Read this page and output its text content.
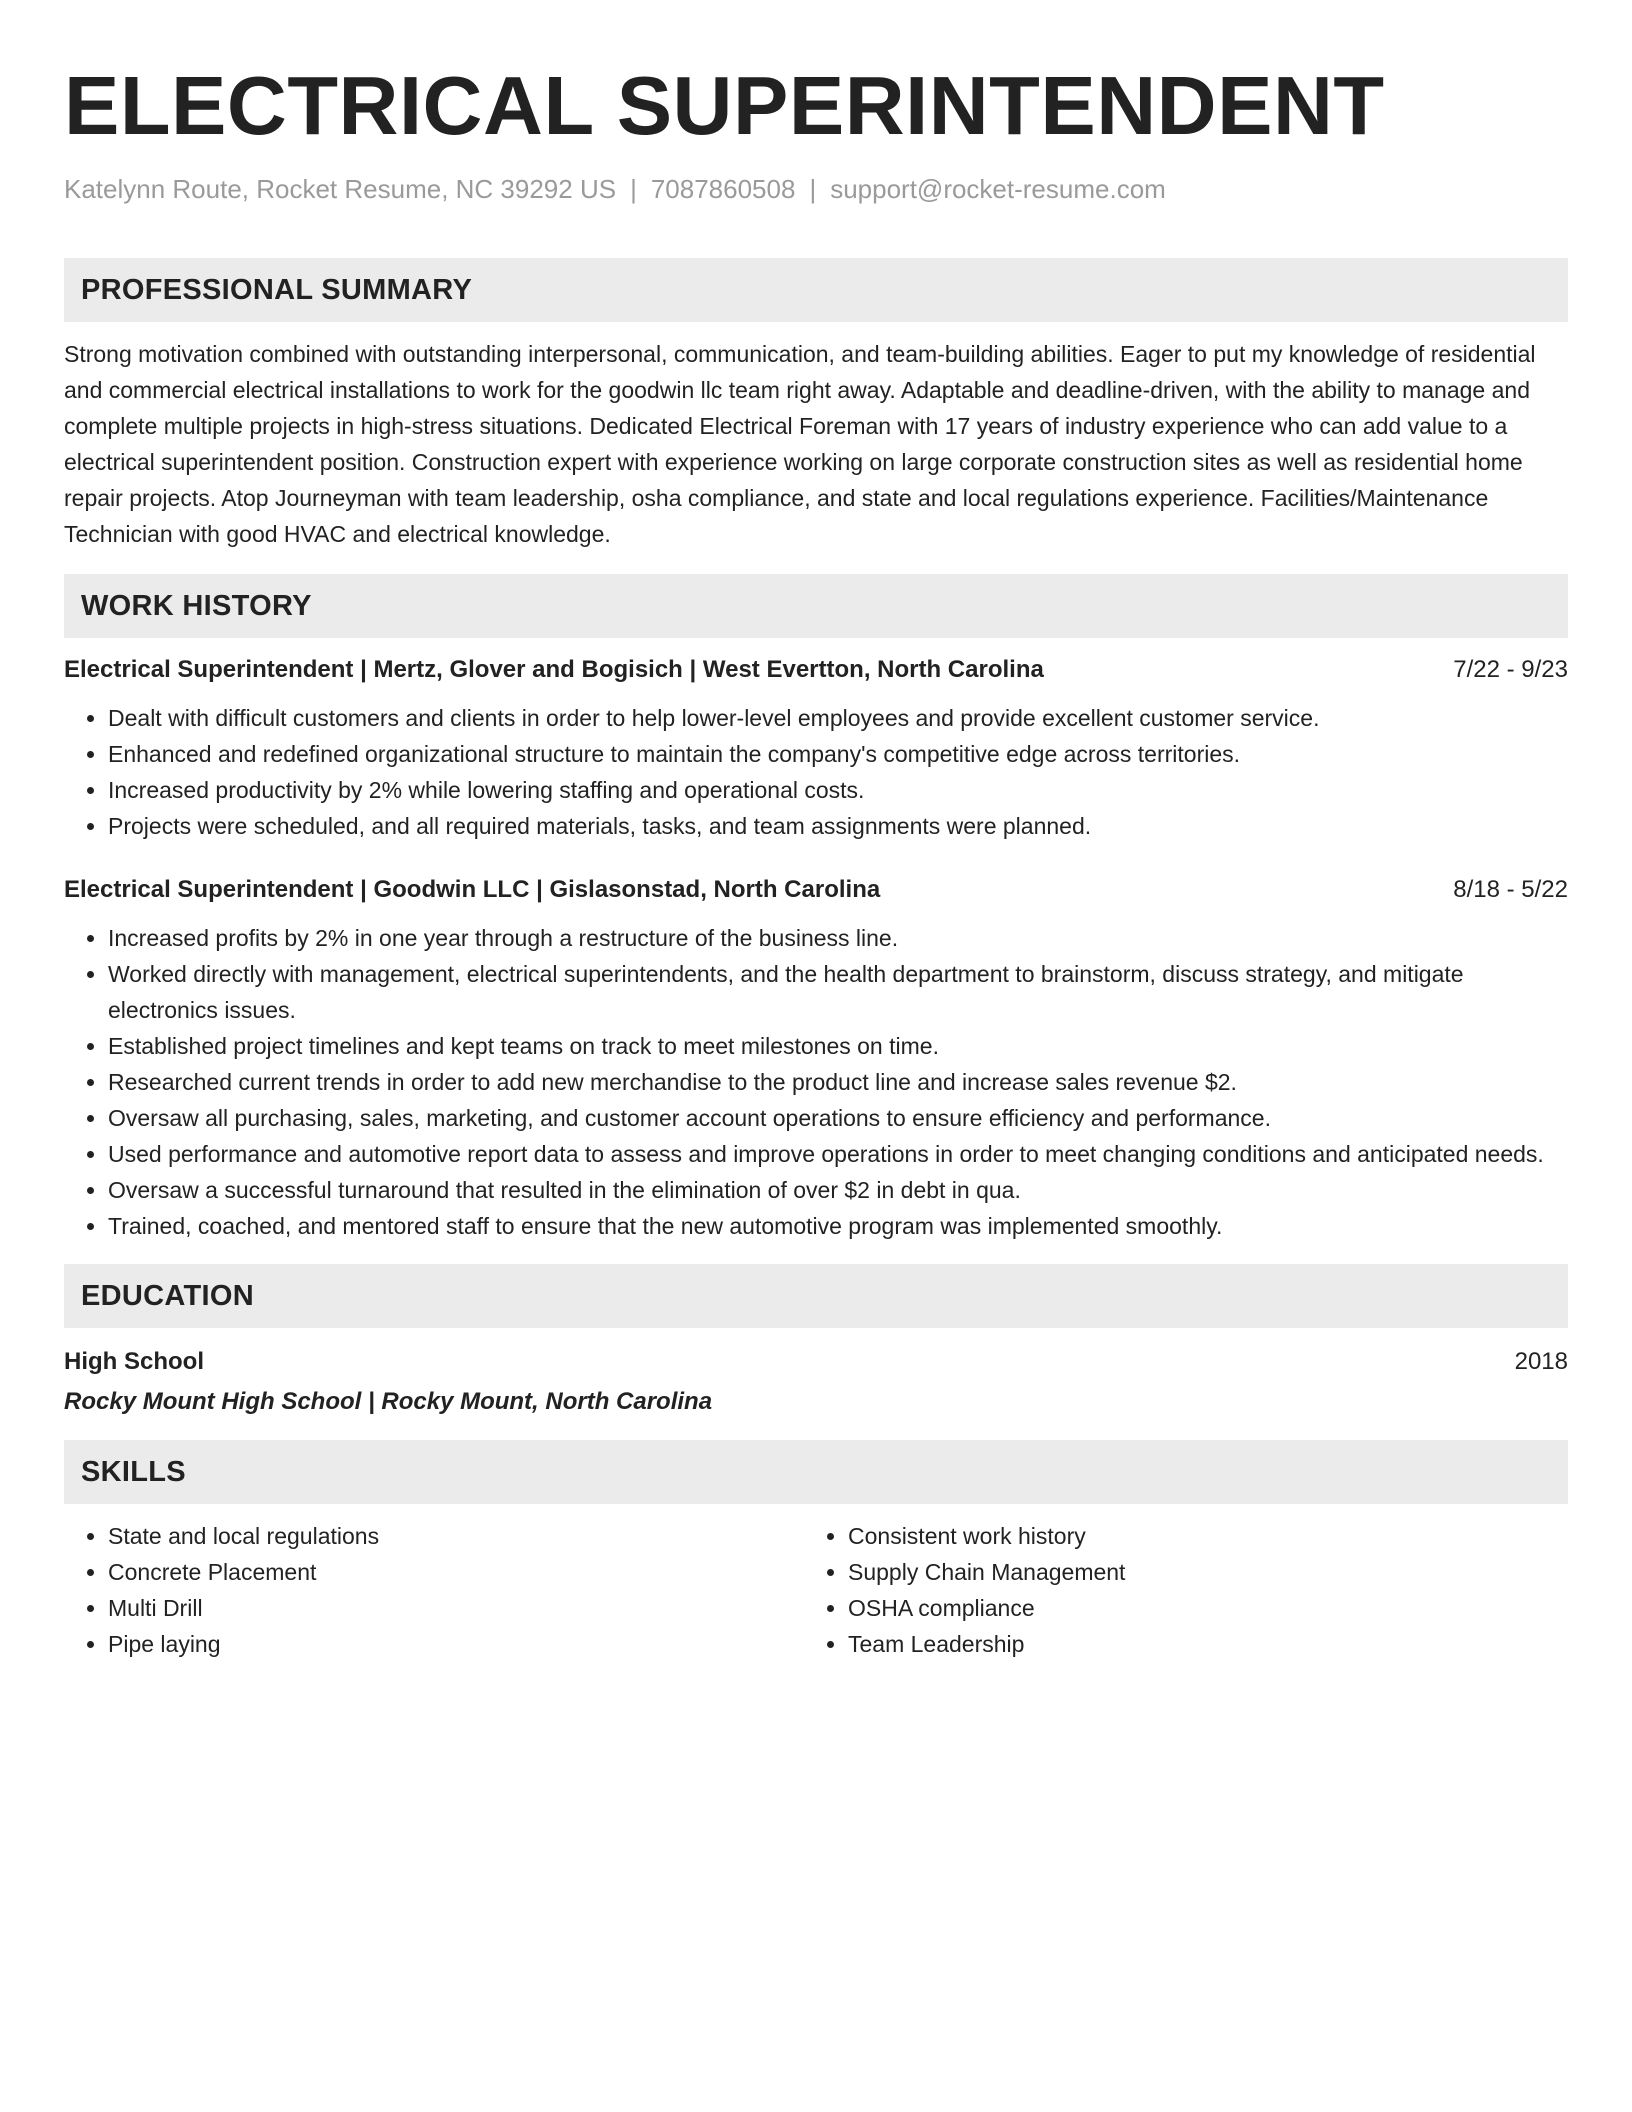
ELECTRICAL SUPERINTENDENT
Katelynn Route, Rocket Resume, NC 39292 US | 7087860508 | support@rocket-resume.com
PROFESSIONAL SUMMARY
Strong motivation combined with outstanding interpersonal, communication, and team-building abilities. Eager to put my knowledge of residential and commercial electrical installations to work for the goodwin llc team right away. Adaptable and deadline-driven, with the ability to manage and complete multiple projects in high-stress situations. Dedicated Electrical Foreman with 17 years of industry experience who can add value to a electrical superintendent position. Construction expert with experience working on large corporate construction sites as well as residential home repair projects. Atop Journeyman with team leadership, osha compliance, and state and local regulations experience. Facilities/Maintenance Technician with good HVAC and electrical knowledge.
WORK HISTORY
Electrical Superintendent | Mertz, Glover and Bogisich | West Evertton, North Carolina	7/22 - 9/23
• Dealt with difficult customers and clients in order to help lower-level employees and provide excellent customer service.
• Enhanced and redefined organizational structure to maintain the company's competitive edge across territories.
• Increased productivity by 2% while lowering staffing and operational costs.
• Projects were scheduled, and all required materials, tasks, and team assignments were planned.
Electrical Superintendent | Goodwin LLC | Gislasonstad, North Carolina	8/18 - 5/22
• Increased profits by 2% in one year through a restructure of the business line.
• Worked directly with management, electrical superintendents, and the health department to brainstorm, discuss strategy, and mitigate electronics issues.
• Established project timelines and kept teams on track to meet milestones on time.
• Researched current trends in order to add new merchandise to the product line and increase sales revenue $2.
• Oversaw all purchasing, sales, marketing, and customer account operations to ensure efficiency and performance.
• Used performance and automotive report data to assess and improve operations in order to meet changing conditions and anticipated needs.
• Oversaw a successful turnaround that resulted in the elimination of over $2 in debt in qua.
• Trained, coached, and mentored staff to ensure that the new automotive program was implemented smoothly.
EDUCATION
High School	2018
Rocky Mount High School | Rocky Mount, North Carolina
SKILLS
• State and local regulations
• Concrete Placement
• Multi Drill
• Pipe laying
• Consistent work history
• Supply Chain Management
• OSHA compliance
• Team Leadership
